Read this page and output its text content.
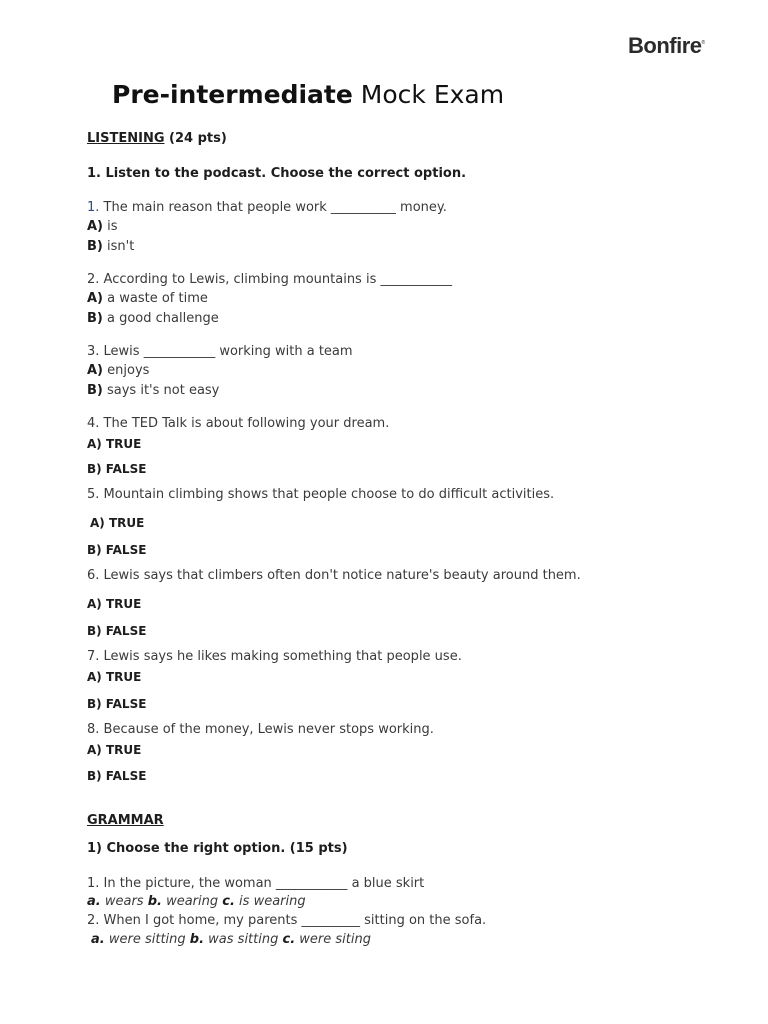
Bonfire®
Pre-intermediate Mock Exam
LISTENING (24 pts)
1. Listen to the podcast. Choose the correct option.
1. The main reason that people work __________ money.
A) is
B) isn't
2. According to Lewis, climbing mountains is ___________
A) a waste of time
B) a good challenge
3. Lewis ___________ working with a team
A) enjoys
B) says it's not easy
4. The TED Talk is about following your dream.
A) TRUE
B) FALSE
5. Mountain climbing shows that people choose to do difficult activities.
A) TRUE
B) FALSE
6. Lewis says that climbers often don't notice nature's beauty around them.
A) TRUE
B) FALSE
7. Lewis says he likes making something that people use.
A) TRUE
B) FALSE
8. Because of the money, Lewis never stops working.
A) TRUE
B) FALSE
GRAMMAR
1) Choose the right option. (15 pts)
1. In the picture, the woman ___________ a blue skirt
a. wears b. wearing c. is wearing
2. When I got home, my parents _________ sitting on the sofa.
a. were sitting b. was sitting c. were siting
